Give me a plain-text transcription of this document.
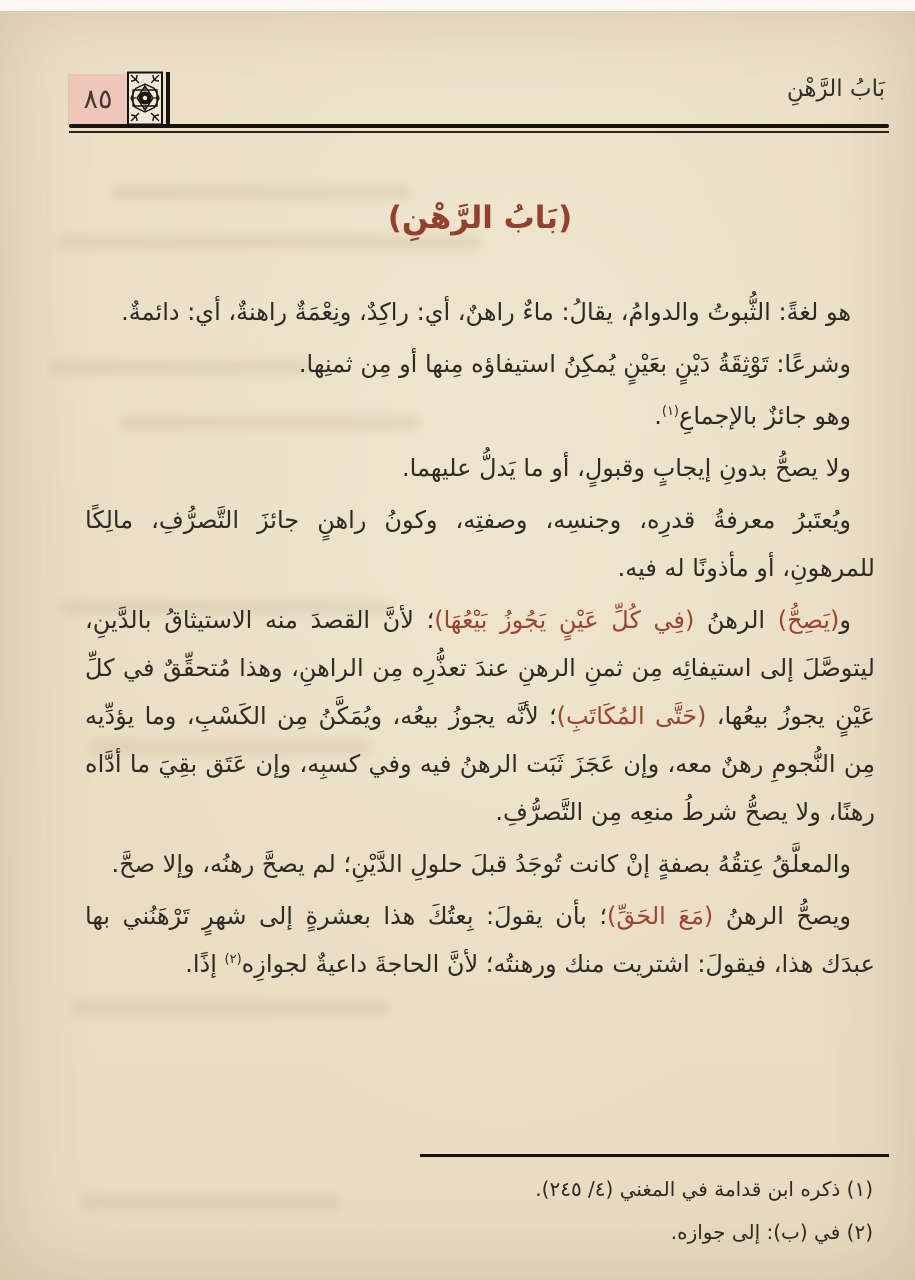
بَابُ الرَّهْنِ
٨٥
(بَابُ الرَّهْنِ)

هو لغةً: الثُّبوتُ والدوامُ، يقالُ: ماءٌ راهنٌ، أي: راكِدٌ، ونِعْمَةٌ راهنةٌ، أي: دائمةٌ.

وشرعًا: تَوْثِقَةُ دَيْنٍ بعَيْنٍ يُمكِنُ استيفاؤه مِنها أو مِن ثمنِها.

وهو جائزٌ بالإجماعِ$^{(١)}$.

ولا يصحُّ بدونِ إيجابٍ وقبولٍ، أو ما يَدلُّ عليهما.

ويُعتَبرُ معرفةُ قدرِه، وجنسِه، وصفتِه، وكونُ راهنٍ جائزَ التَّصرُّفِ، مالِكًا للمرهونِ، أو مأذونًا له فيه.

و(يَصِحُّ) الرهنُ (فِي كُلِّ عَيْنٍ يَجُوزُ بَيْعُهَا)؛ لأنَّ القصدَ منه الاستيثاقُ بالدَّينِ، ليتوصَّلَ إلى استيفائِه مِن ثمنِ الرهنِ عندَ تعذُّرِه مِن الراهنِ، وهذا مُتحقِّقٌ في كلِّ عَيْنٍ يجوزُ بيعُها، (حَتَّى المُكَاتَبِ)؛ لأنَّه يجوزُ بيعُه، ويُمَكَّنُ مِن الكَسْبِ، وما يؤدِّيه مِن النُّجومِ رهنٌ معه، وإن عَجَزَ ثَبَت الرهنُ فيه وفي كسبِه، وإن عَتَق بقِيَ ما أدَّاه رهنًا، ولا يصحُّ شرطُ منعِه مِن التَّصرُّفِ.

والمعلَّقُ عِتقُهُ بصفةٍ إنْ كانت تُوجَدُ قبلَ حلولِ الدَّيْنِ؛ لم يصحَّ رهنُه، وإلا صحَّ.

ويصحُّ الرهنُ (مَعَ الحَقِّ)؛ بأن يقولَ: بِعتُكَ هذا بعشرةٍ إلى شهرٍ تَرْهَنُني بها عبدَك هذا، فيقولَ: اشتريت منك ورهنتُه؛ لأنَّ الحاجةَ داعيةٌ لجوازِه$^{(٢)}$ إذًا.

(١) ذكره ابن قدامة في المغني (٤/ ٢٤٥).

(٢) في (ب): إلى جوازه.
